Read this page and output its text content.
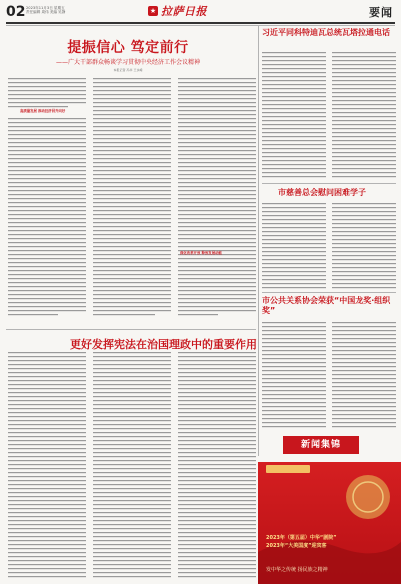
02 2023年11月3日 星期五
责任编辑 周伟 美编 吴静	★ 拉萨日报	要闻
提振信心 笃定前行
——广大干部群众畅谈学习贯彻中央经济工作会议精神
本报记者 冯华 王永峰
高质量发展 推动经济回升向好
深化改革开放 释放发展动能
更好发挥宪法在治国理政中的重要作用
习近平同科特迪瓦总统瓦塔拉通电话
市慈善总会慰问困难学子
市公共关系协会荣获“中国龙奖·组织奖”
新闻集锦
2023年（第五届）中华“剧院”
2023年“大美国度”迎宾客
发中华之传统 扬民族之精神
